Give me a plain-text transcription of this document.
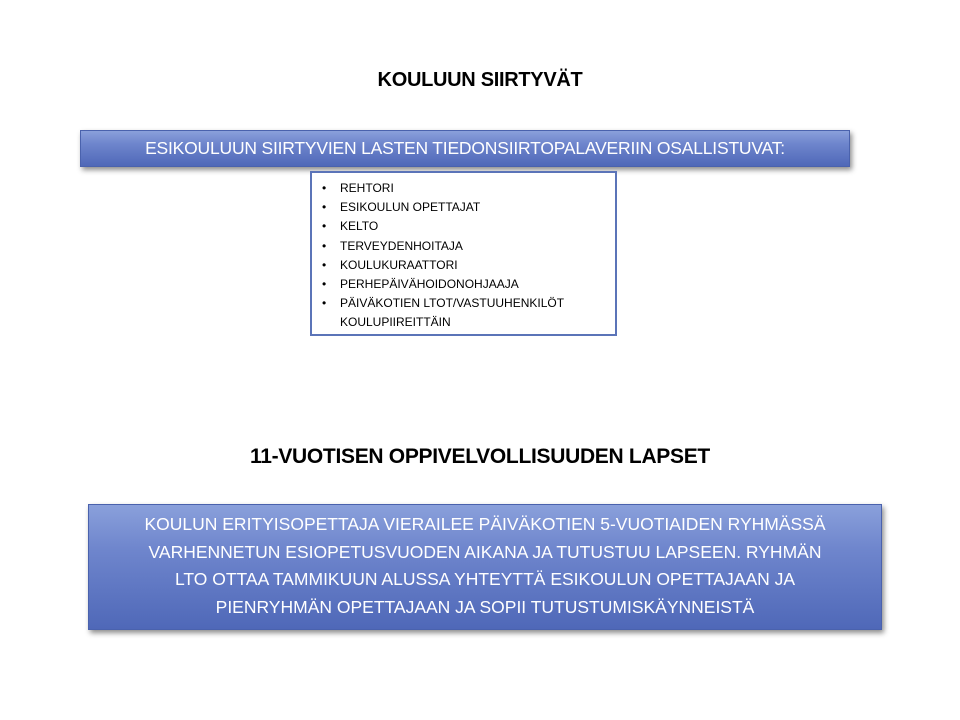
KOULUUN SIIRTYVÄT
ESIKOULUUN SIIRTYVIEN LASTEN TIEDONSIIRTOPALAVERIIN OSALLISTUVAT:
• REHTORI
• ESIKOULUN OPETTAJAT
• KELTO
• TERVEYDENHOITAJA
• KOULUKURAATTORI
• PERHEPÄIVÄHOIDONOHJAAJA
• PÄIVÄKOTIEN LTOT/VASTUUHENKILÖT
KOULUPIIREITTÄIN
11-VUOTISEN OPPIVELVOLLISUUDEN LAPSET

KOULUN ERITYISOPETTAJA VIERAILEE PÄIVÄKOTIEN 5-VUOTIAIDEN RYHMÄSSÄ

VARHENNETUN ESIOPETUSVUODEN AIKANA JA TUTUSTUU LAPSEEN. RYHMÄN

LTO OTTAA TAMMIKUUN ALUSSA YHTEYTTÄ ESIKOULUN OPETTAJAAN JA

PIENRYHMÄN OPETTAJAAN JA SOPII TUTUSTUMISKÄYNNEISTÄ
